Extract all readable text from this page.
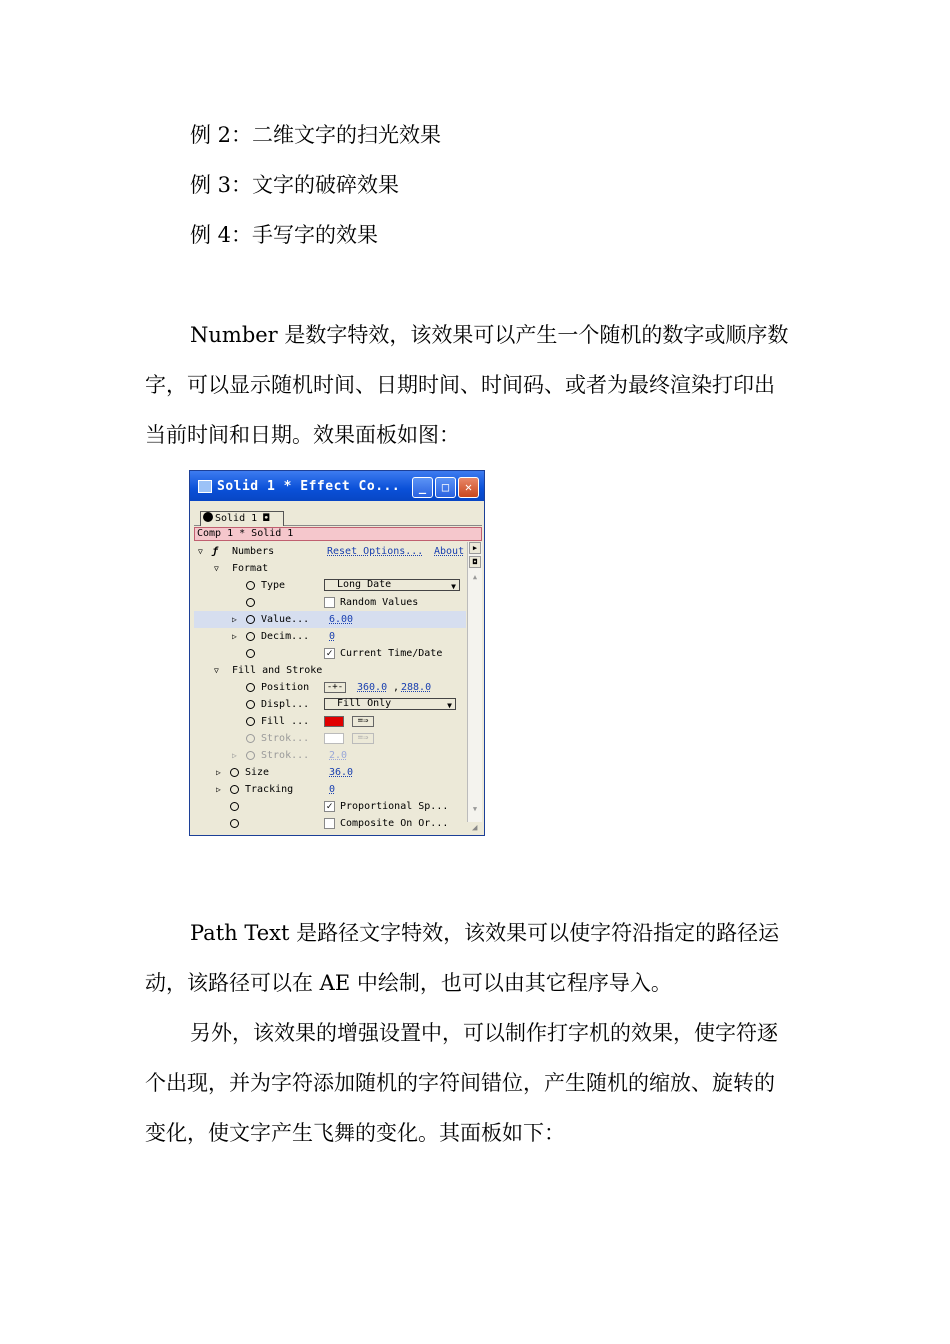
例 2：二维文字的扫光效果
例 3：文字的破碎效果
例 4：手写字的效果
Number 是数字特效，该效果可以产生一个随机的数字或顺序数
字，可以显示随机时间、日期时间、时间码、或者为最终渲染打印出
当前时间和日期。效果面板如图：
Solid 1 * Effect Co...	_	□	✕
Solid 1 ◘
Comp 1 * Solid 1
▽ ƒ Numbers	Reset Options... About
▽ Format
Type	Long Date	▼
Random Values
▷ Value... 6.00
▷ Decim... 0
✓ Current Time/Date
▽ Fill and Stroke
Position	-+- 360.0 , 288.0
Displ...	Fill Only	▼
Fill ...	=⇒
Strok...	=⇒
▷ Strok... 2.0
▷ Size	36.0
▷ Tracking	0
✓ Proportional Sp...
Composite On Or...
▶
◘
▲
▼
◢
Path Text 是路径文字特效，该效果可以使字符沿指定的路径运
动，该路径可以在 AE 中绘制，也可以由其它程序导入。
另外，该效果的增强设置中，可以制作打字机的效果，使字符逐
个出现，并为字符添加随机的字符间错位，产生随机的缩放、旋转的
变化，使文字产生飞舞的变化。其面板如下：
